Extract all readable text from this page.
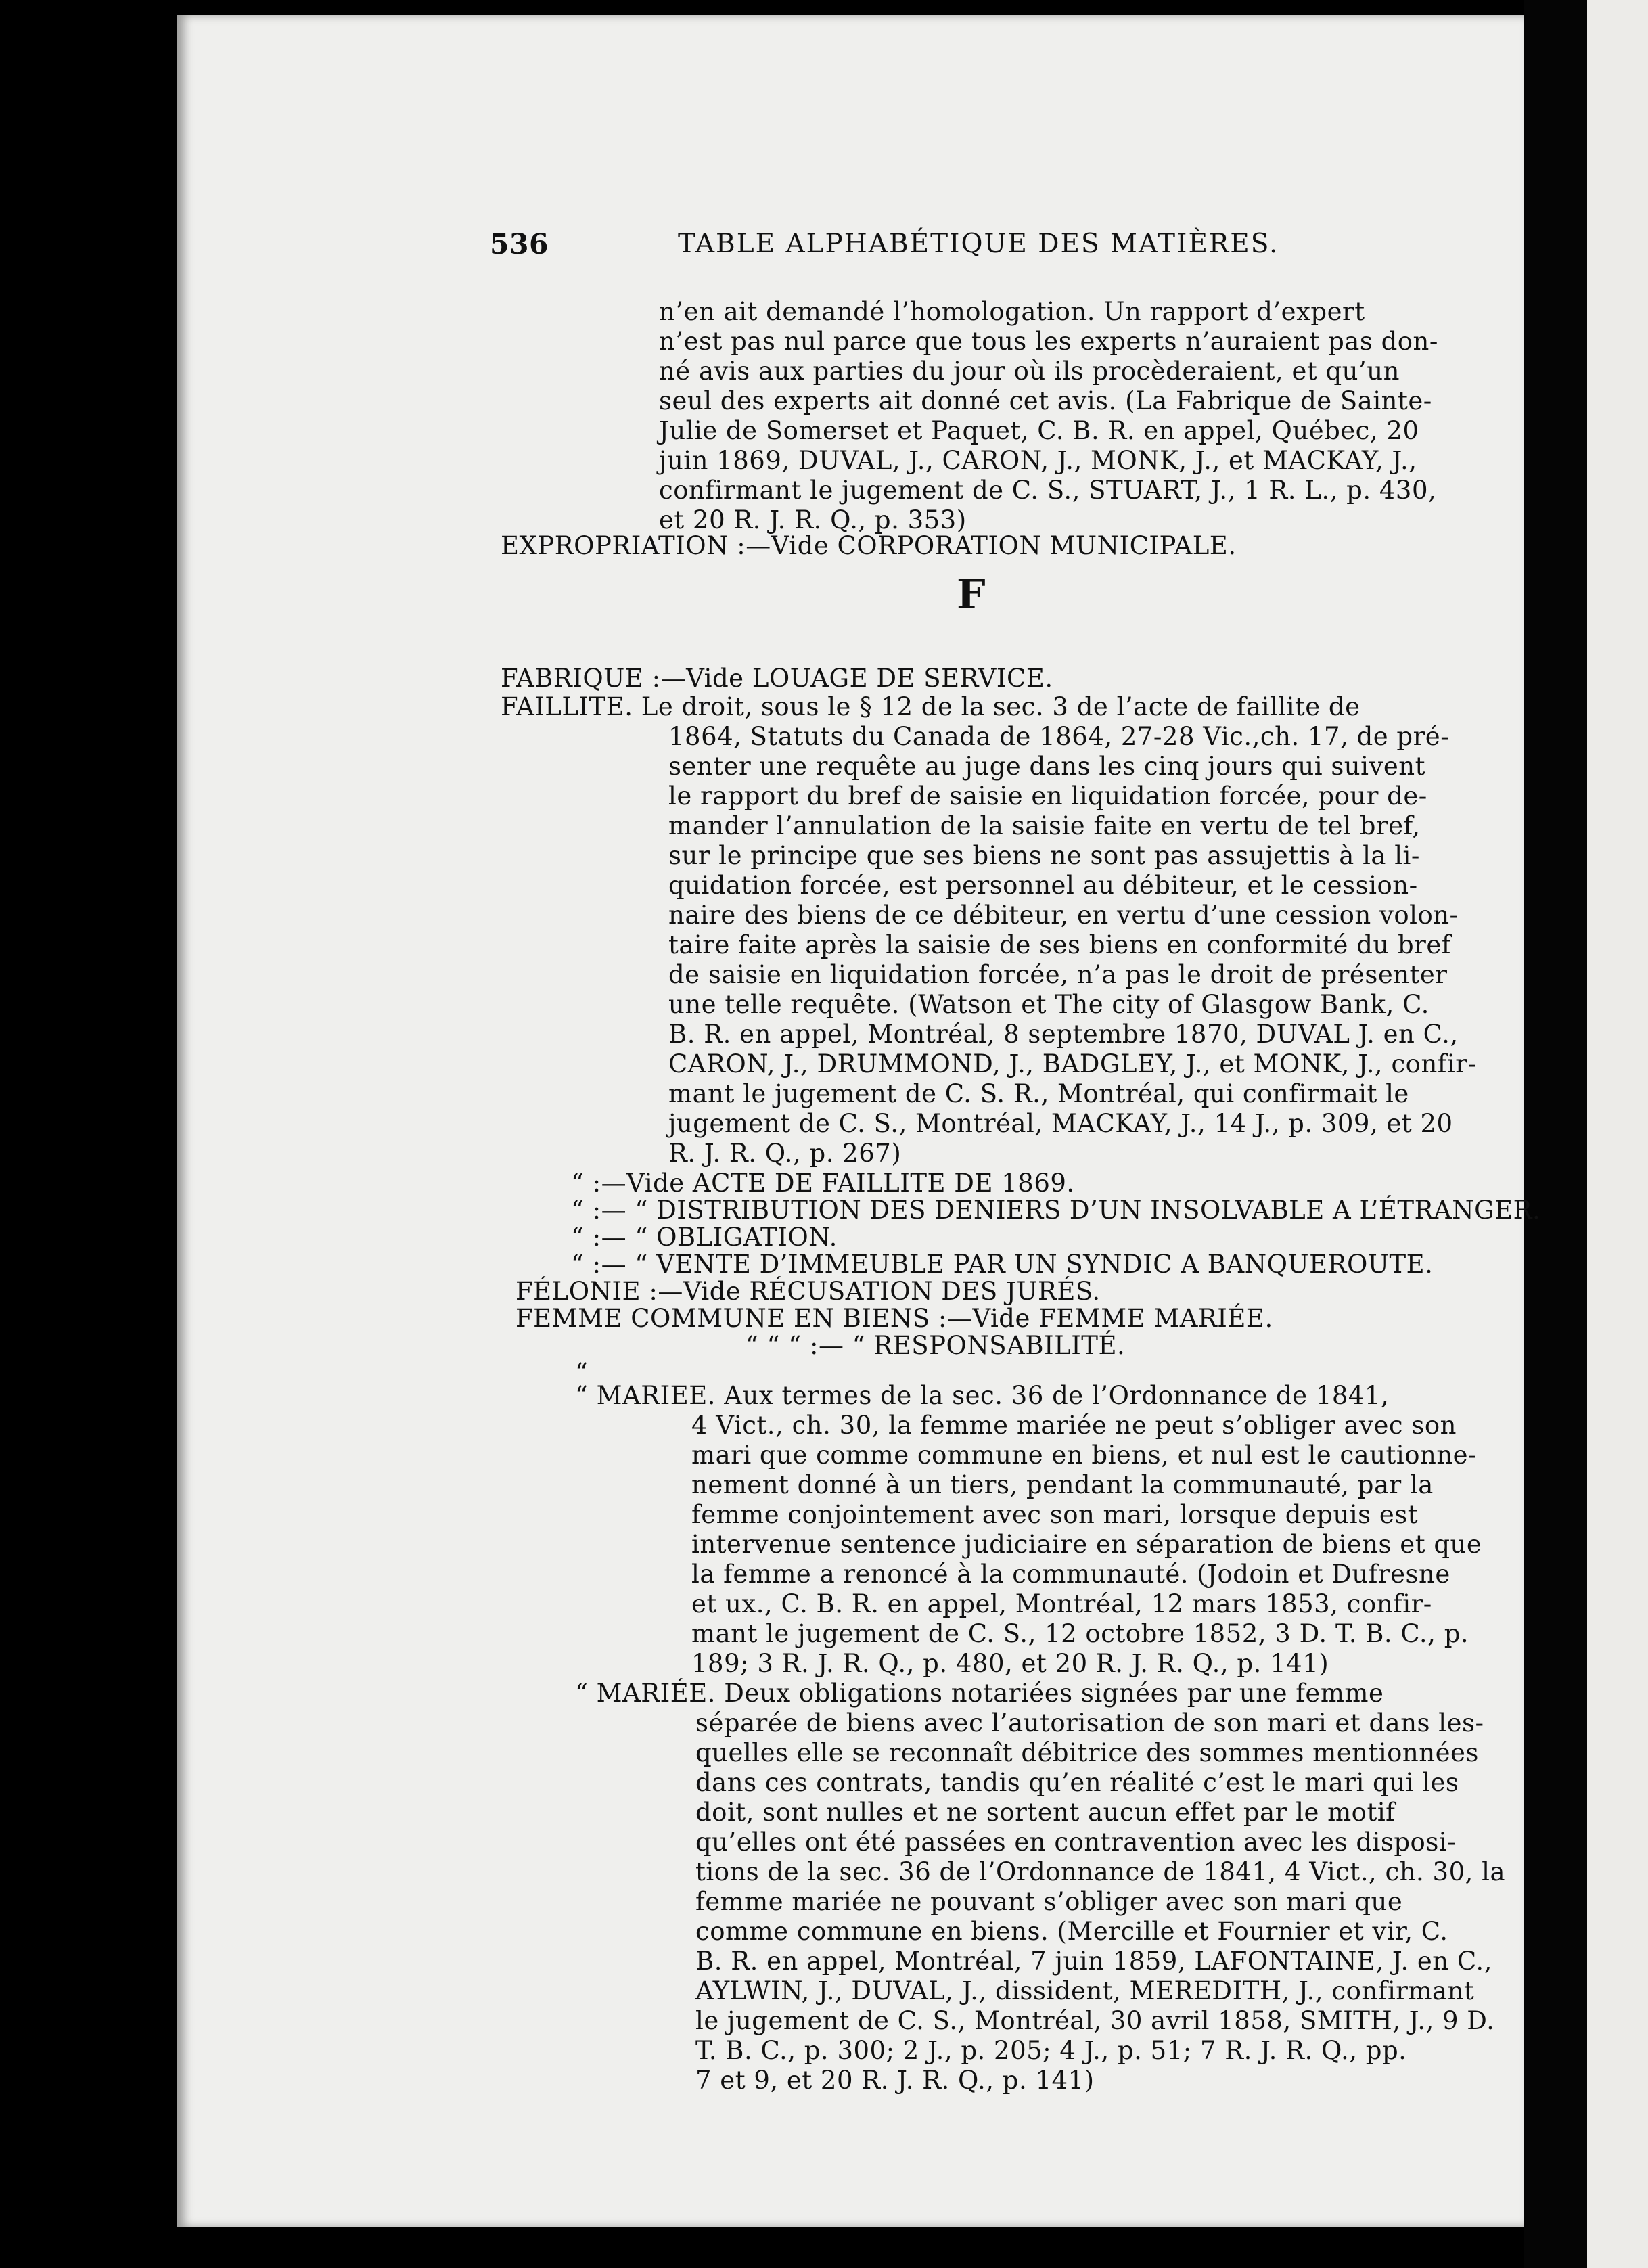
536	TABLE ALPHABÉTIQUE DES MATIÈRES.
n’en ait demandé l’homologation. Un rapport d’expert
n’est pas nul parce que tous les experts n’auraient pas don-
né avis aux parties du jour où ils procèderaient, et qu’un
seul des experts ait donné cet avis. (La Fabrique de Sainte-
Julie de Somerset et Paquet, C. B. R. en appel, Québec, 20
juin 1869, DUVAL, J., CARON, J., MONK, J., et MACKAY, J.,
confirmant le jugement de C. S., STUART, J., 1 R. L., p. 430,
et 20 R. J. R. Q., p. 353)
EXPROPRIATION :—Vide CORPORATION MUNICIPALE.
F
FABRIQUE :—Vide LOUAGE DE SERVICE.
FAILLITE. Le droit, sous le § 12 de la sec. 3 de l’acte de faillite de
1864, Statuts du Canada de 1864, 27-28 Vic.,ch. 17, de pré-
senter une requête au juge dans les cinq jours qui suivent
le rapport du bref de saisie en liquidation forcée, pour de-
mander l’annulation de la saisie faite en vertu de tel bref,
sur le principe que ses biens ne sont pas assujettis à la li-
quidation forcée, est personnel au débiteur, et le cession-
naire des biens de ce débiteur, en vertu d’une cession volon-
taire faite après la saisie de ses biens en conformité du bref
de saisie en liquidation forcée, n’a pas le droit de présenter
une telle requête. (Watson et The city of Glasgow Bank, C.
B. R. en appel, Montréal, 8 septembre 1870, DUVAL J. en C.,
CARON, J., DRUMMOND, J., BADGLEY, J., et MONK, J., confir-
mant le jugement de C. S. R., Montréal, qui confirmait le
jugement de C. S., Montréal, MACKAY, J., 14 J., p. 309, et 20
R. J. R. Q., p. 267)
“ :—Vide ACTE DE FAILLITE DE 1869.
“ :— “ DISTRIBUTION DES DENIERS D’UN INSOLVABLE A L’ÉTRANGER.
“ :— “ OBLIGATION.
“ :— “ VENTE D’IMMEUBLE PAR UN SYNDIC A BANQUEROUTE.
FÉLONIE :—Vide RÉCUSATION DES JURÉS.
FEMME COMMUNE EN BIENS :—Vide FEMME MARIÉE.
“ “ “ :— “ RESPONSABILITÉ.
“
“ MARIEE. Aux termes de la sec. 36 de l’Ordonnance de 1841,
4 Vict., ch. 30, la femme mariée ne peut s’obliger avec son
mari que comme commune en biens, et nul est le cautionne-
nement donné à un tiers, pendant la communauté, par la
femme conjointement avec son mari, lorsque depuis est
intervenue sentence judiciaire en séparation de biens et que
la femme a renoncé à la communauté. (Jodoin et Dufresne
et ux., C. B. R. en appel, Montréal, 12 mars 1853, confir-
mant le jugement de C. S., 12 octobre 1852, 3 D. T. B. C., p.
189; 3 R. J. R. Q., p. 480, et 20 R. J. R. Q., p. 141)
“ MARIÉE. Deux obligations notariées signées par une femme
séparée de biens avec l’autorisation de son mari et dans les-
quelles elle se reconnaît débitrice des sommes mentionnées
dans ces contrats, tandis qu’en réalité c’est le mari qui les
doit, sont nulles et ne sortent aucun effet par le motif
qu’elles ont été passées en contravention avec les disposi-
tions de la sec. 36 de l’Ordonnance de 1841, 4 Vict., ch. 30, la
femme mariée ne pouvant s’obliger avec son mari que
comme commune en biens. (Mercille et Fournier et vir, C.
B. R. en appel, Montréal, 7 juin 1859, LAFONTAINE, J. en C.,
AYLWIN, J., DUVAL, J., dissident, MEREDITH, J., confirmant
le jugement de C. S., Montréal, 30 avril 1858, SMITH, J., 9 D.
T. B. C., p. 300; 2 J., p. 205; 4 J., p. 51; 7 R. J. R. Q., pp.
7 et 9, et 20 R. J. R. Q., p. 141)
